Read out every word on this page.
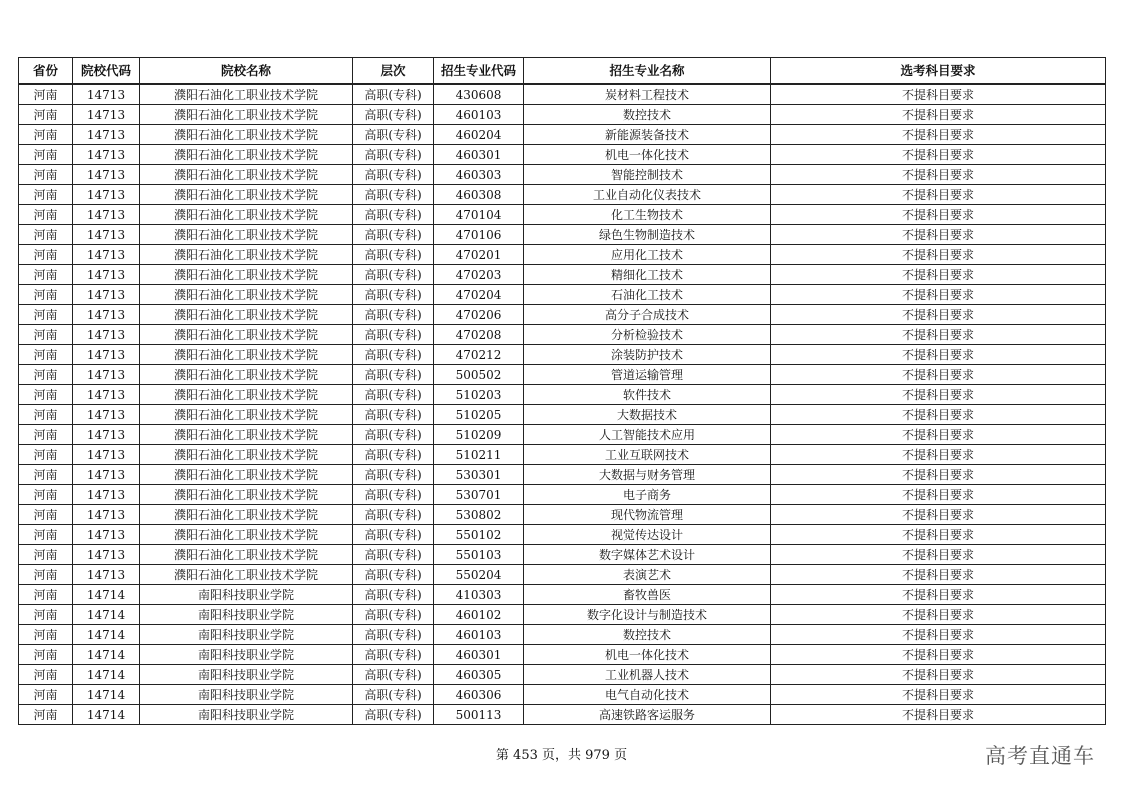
省份	院校代码	院校名称	层次	招生专业代码	招生专业名称	选考科目要求
河南	14713	濮阳石油化工职业技术学院	高职(专科)	430608	炭材料工程技术	不提科目要求
河南	14713	濮阳石油化工职业技术学院	高职(专科)	460103	数控技术	不提科目要求
河南	14713	濮阳石油化工职业技术学院	高职(专科)	460204	新能源装备技术	不提科目要求
河南	14713	濮阳石油化工职业技术学院	高职(专科)	460301	机电一体化技术	不提科目要求
河南	14713	濮阳石油化工职业技术学院	高职(专科)	460303	智能控制技术	不提科目要求
河南	14713	濮阳石油化工职业技术学院	高职(专科)	460308	工业自动化仪表技术	不提科目要求
河南	14713	濮阳石油化工职业技术学院	高职(专科)	470104	化工生物技术	不提科目要求
河南	14713	濮阳石油化工职业技术学院	高职(专科)	470106	绿色生物制造技术	不提科目要求
河南	14713	濮阳石油化工职业技术学院	高职(专科)	470201	应用化工技术	不提科目要求
河南	14713	濮阳石油化工职业技术学院	高职(专科)	470203	精细化工技术	不提科目要求
河南	14713	濮阳石油化工职业技术学院	高职(专科)	470204	石油化工技术	不提科目要求
河南	14713	濮阳石油化工职业技术学院	高职(专科)	470206	高分子合成技术	不提科目要求
河南	14713	濮阳石油化工职业技术学院	高职(专科)	470208	分析检验技术	不提科目要求
河南	14713	濮阳石油化工职业技术学院	高职(专科)	470212	涂装防护技术	不提科目要求
河南	14713	濮阳石油化工职业技术学院	高职(专科)	500502	管道运输管理	不提科目要求
河南	14713	濮阳石油化工职业技术学院	高职(专科)	510203	软件技术	不提科目要求
河南	14713	濮阳石油化工职业技术学院	高职(专科)	510205	大数据技术	不提科目要求
河南	14713	濮阳石油化工职业技术学院	高职(专科)	510209	人工智能技术应用	不提科目要求
河南	14713	濮阳石油化工职业技术学院	高职(专科)	510211	工业互联网技术	不提科目要求
河南	14713	濮阳石油化工职业技术学院	高职(专科)	530301	大数据与财务管理	不提科目要求
河南	14713	濮阳石油化工职业技术学院	高职(专科)	530701	电子商务	不提科目要求
河南	14713	濮阳石油化工职业技术学院	高职(专科)	530802	现代物流管理	不提科目要求
河南	14713	濮阳石油化工职业技术学院	高职(专科)	550102	视觉传达设计	不提科目要求
河南	14713	濮阳石油化工职业技术学院	高职(专科)	550103	数字媒体艺术设计	不提科目要求
河南	14713	濮阳石油化工职业技术学院	高职(专科)	550204	表演艺术	不提科目要求
河南	14714	南阳科技职业学院	高职(专科)	410303	畜牧兽医	不提科目要求
河南	14714	南阳科技职业学院	高职(专科)	460102	数字化设计与制造技术	不提科目要求
河南	14714	南阳科技职业学院	高职(专科)	460103	数控技术	不提科目要求
河南	14714	南阳科技职业学院	高职(专科)	460301	机电一体化技术	不提科目要求
河南	14714	南阳科技职业学院	高职(专科)	460305	工业机器人技术	不提科目要求
河南	14714	南阳科技职业学院	高职(专科)	460306	电气自动化技术	不提科目要求
河南	14714	南阳科技职业学院	高职(专科)	500113	高速铁路客运服务	不提科目要求
第 453 页，共 979 页	高考直通车
